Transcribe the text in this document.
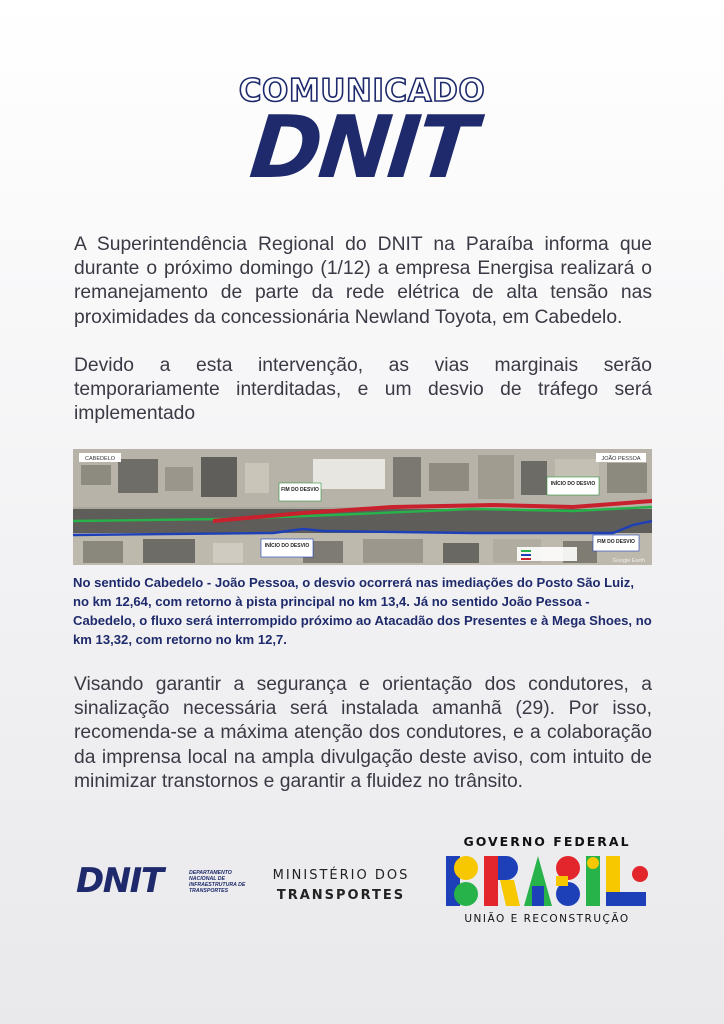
COMUNICADO
DNIT
A Superintendência Regional do DNIT na Paraíba informa que durante o próximo domingo (1/12) a empresa Energisa realizará o remanejamento de parte da rede elétrica de alta tensão nas proximidades da concessionária Newland Toyota, em Cabedelo.
Devido a esta intervenção, as vias marginais serão temporariamente interditadas, e um desvio de tráfego será implementado
CABEDELO	JOÃO PESSOA
FIM DO DESVIO
INÍCIO DO DESVIO
INÍCIO DO DESVIO
FIM DO DESVIO
Google Earth
No sentido Cabedelo - João Pessoa, o desvio ocorrerá nas imediações do Posto São Luiz, no km 12,64, com retorno à pista principal no km 13,4. Já no sentido João Pessoa - Cabedelo, o fluxo será interrompido próximo ao Atacadão dos Presentes e à Mega Shoes, no km 13,32, com retorno no km 12,7.
Visando garantir a segurança e orientação dos condutores, a sinalização necessária será instalada amanhã (29). Por isso, recomenda-se a máxima atenção dos condutores, e a colaboração da imprensa local na ampla divulgação deste aviso, com intuito de minimizar transtornos e garantir a fluidez no trânsito.
DNIT	DEPARTAMENTO NACIONAL DE INFRAESTRUTURA DE TRANSPORTES
MINISTÉRIO DOS
TRANSPORTES
GOVERNO FEDERAL
UNIÃO E RECONSTRUÇÃO
